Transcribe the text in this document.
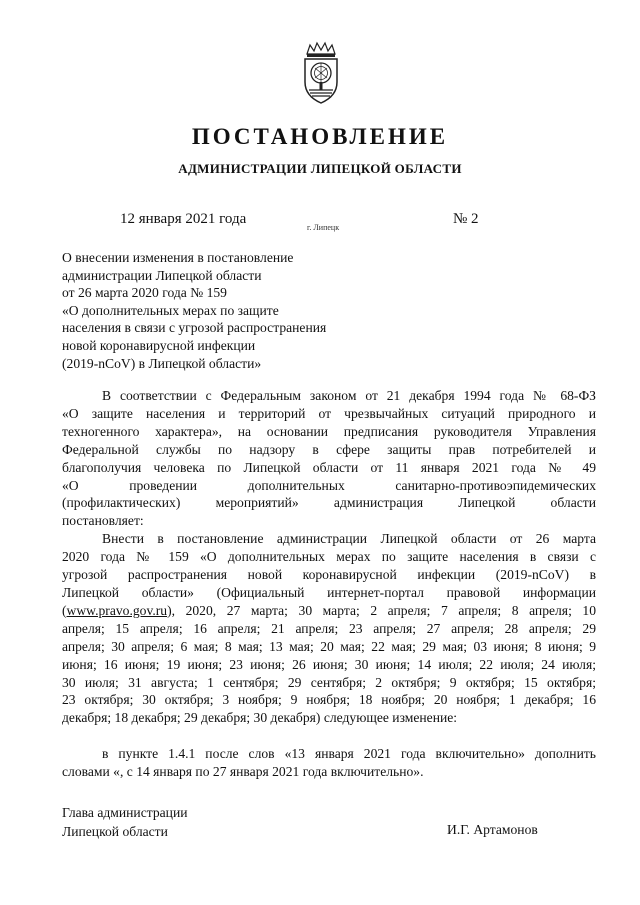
ПОСТАНОВЛЕНИЕ
АДМИНИСТРАЦИИ ЛИПЕЦКОЙ ОБЛАСТИ
12 января 2021 года
г. Липецк
№ 2
О внесении изменения в постановление
администрации Липецкой области
от 26 марта 2020 года № 159
«О дополнительных мерах по защите
населения в связи с угрозой распространения
новой коронавирусной инфекции
(2019-nCoV) в Липецкой области»
В соответствии с Федеральным законом от 21 декабря 1994 года № 68-ФЗ
«О защите населения и территорий от чрезвычайных ситуаций природного и
техногенного характера», на основании предписания руководителя Управления
Федеральной службы по надзору в сфере защиты прав потребителей и
благополучия человека по Липецкой области от 11 января 2021 года № 49
«О проведении дополнительных санитарно-противоэпидемических
(профилактических) мероприятий» администрация Липецкой области
постановляет:
Внести в постановление администрации Липецкой области от 26 марта
2020 года № 159 «О дополнительных мерах по защите населения в связи с
угрозой распространения новой коронавирусной инфекции (2019-nCoV) в
Липецкой области» (Официальный интернет-портал правовой информации
(www.pravo.gov.ru), 2020, 27 марта; 30 марта; 2 апреля; 7 апреля; 8 апреля; 10
апреля; 15 апреля; 16 апреля; 21 апреля; 23 апреля; 27 апреля; 28 апреля; 29
апреля; 30 апреля; 6 мая; 8 мая; 13 мая; 20 мая; 22 мая; 29 мая; 03 июня; 8 июня; 9
июня; 16 июня; 19 июня; 23 июня; 26 июня; 30 июня; 14 июля; 22 июля; 24 июля;
30 июля; 31 августа; 1 сентября; 29 сентября; 2 октября; 9 октября; 15 октября;
23 октября; 30 октября; 3 ноября; 9 ноября; 18 ноября; 20 ноября; 1 декабря; 16
декабря; 18 декабря; 29 декабря; 30 декабря) следующее изменение:
в пункте 1.4.1 после слов «13 января 2021 года включительно» дополнить
словами «, с 14 января по 27 января 2021 года включительно».
Глава администрации
Липецкой области	И.Г. Артамонов
